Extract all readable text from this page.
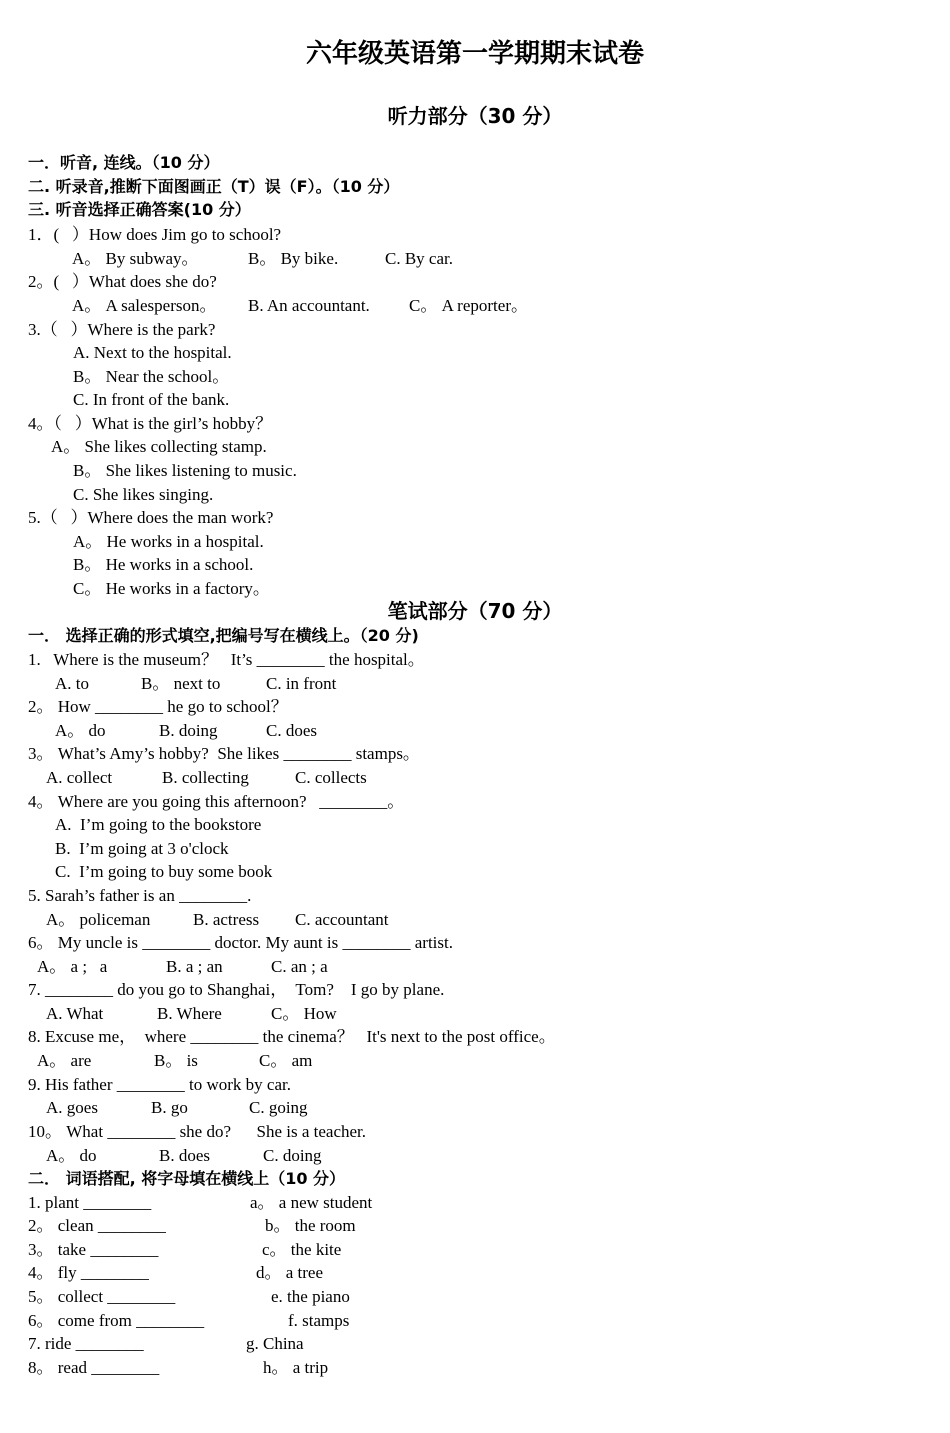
六年级英语第一学期期末试卷
听力部分（30 分）
一．听音, 连线。（10 分）
二. 听录音,推断下面图画正（T）误（F）。（10 分）
三. 听音选择正确答案(10 分）
1．(   ）How does Jim go to school?
A。 By subway。	B。 By bike.	C. By car.
2。(   ）What does she do?
A。 A salesperson。 B. An accountant. C。 A reporter。
3.（   ）Where is the park?
A. Next to the hospital.
B。 Near the school。
C. In front of the bank.
4。（   ）What is the girl’s hobby？
A。 She likes collecting stamp.
B。 She likes listening to music.
C. She likes singing.
5.（   ）Where does the man work?
A。 He works in a hospital.
B。 He works in a school.
C。 He works in a factory。
笔试部分（70 分）
一． 选择正确的形式填空,把编号写在横线上。（20 分)
1.   Where is the museum？   It’s ________ the hospital。
A. to	B。 next to	C. in front
2。 How ________ he go to school？
A。 do	B. doing	C. does
3。 What’s Amy’s hobby?  She likes ________ stamps。
A. collect	B. collecting	C. collects
4。 Where are you going this afternoon?   ________。
A.  I’m going to the bookstore
B.  I’m going at 3 o'clock
C.  I’m going to buy some book
5. Sarah’s father is an ________.
A。 policeman	B. actress C. accountant
6。 My uncle is ________ doctor. My aunt is ________ artist.
A。 a ;   a	B. a ; an	C. an ; a
7. ________ do you go to Shanghai，  Tom?    I go by plane.
A. What	B. Where	C。 How
8. Excuse me，  where ________ the cinema？   It's next to the post office。
A。 are	B。 is	C。 am
9. His father ________ to work by car.
A. goes	B. go	C. going
10。 What ________ she do?      She is a teacher.
A。 do	B. does	C. doing
二． 词语搭配, 将字母填在横线上（10 分）
1. plant ________	a。 a new student
2。 clean ________	b。 the room
3。 take ________	c。 the kite
4。 fly ________	d。 a tree
5。 collect ________	e. the piano
6。 come from ________	f. stamps
7. ride ________	g. China
8。 read ________	h。 a trip
